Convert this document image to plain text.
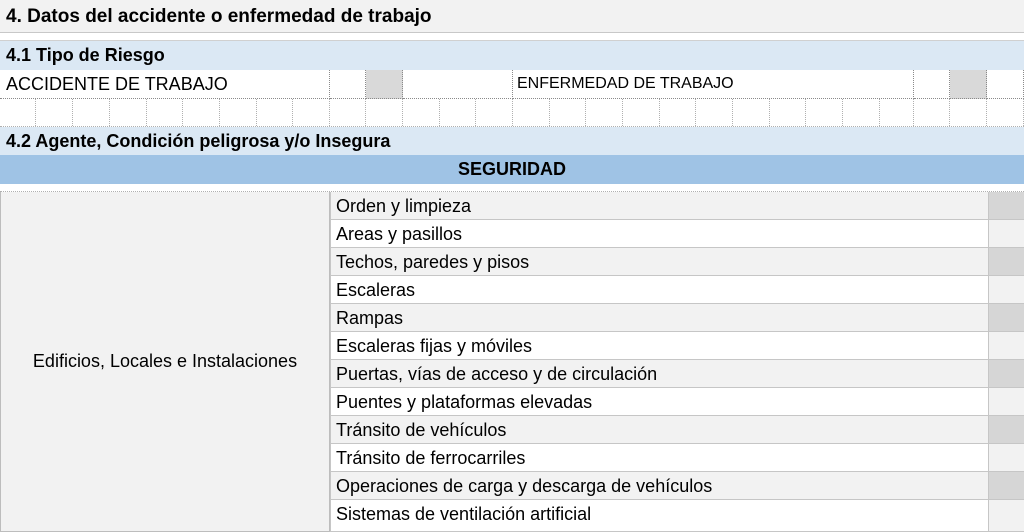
4. Datos del accidente o enfermedad de trabajo
4.1 Tipo de Riesgo
ACCIDENTE DE TRABAJO	ENFERMEDAD DE TRABAJO
4.2 Agente, Condición peligrosa y/o Insegura
SEGURIDAD
Edificios, Locales e Instalaciones
Orden y limpieza
Areas y pasillos
Techos, paredes y pisos
Escaleras
Rampas
Escaleras fijas y móviles
Puertas, vías de acceso y de circulación
Puentes y plataformas elevadas
Tránsito de vehículos
Tránsito de ferrocarriles
Operaciones de carga y descarga de vehículos
Sistemas de ventilación artificial
